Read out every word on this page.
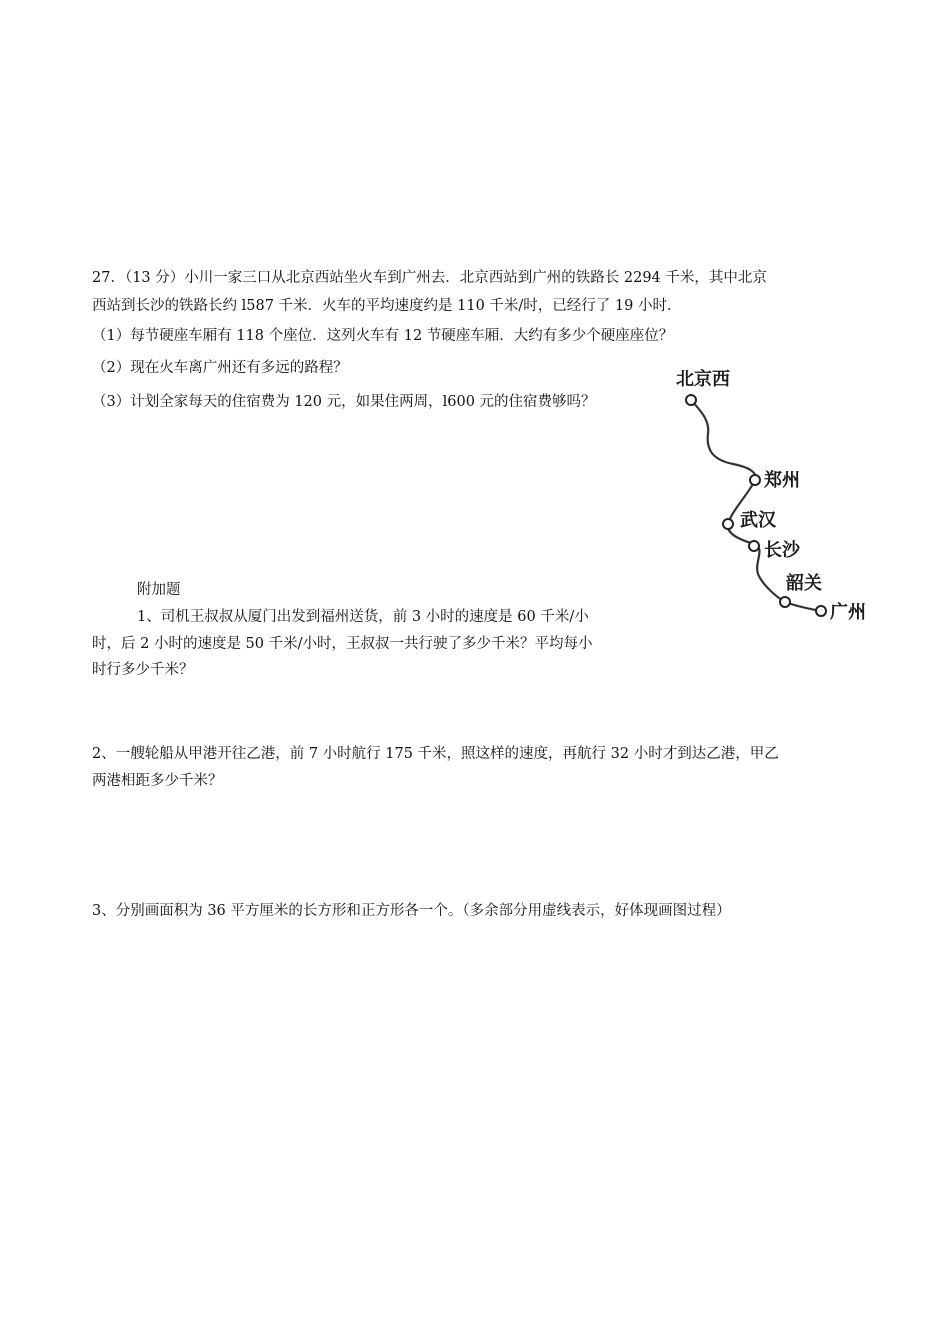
27．（13 分）小川一家三口从北京西站坐火车到广州去．北京西站到广州的铁路长 2294 千米，其中北京
西站到长沙的铁路长约 l587 千米．火车的平均速度约是 110 千米/时，已经行了 19 小时．
（1）每节硬座车厢有 118 个座位．这列火车有 12 节硬座车厢．大约有多少个硬座座位？
（2）现在火车离广州还有多远的路程？
（3）计划全家每天的住宿费为 120 元，如果住两周，l600 元的住宿费够吗？
北京西
郑州
武汉
长沙
韶关
广州
附加题
1、司机王叔叔从厦门出发到福州送货，前 3 小时的速度是 60 千米/小
时，后 2 小时的速度是 50 千米/小时，王叔叔一共行驶了多少千米？平均每小
时行多少千米？
2、一艘轮船从甲港开往乙港，前 7 小时航行 175 千米，照这样的速度，再航行 32 小时才到达乙港，甲乙
两港相距多少千米？
3、分别画面积为 36 平方厘米的长方形和正方形各一个。（多余部分用虚线表示，好体现画图过程）
